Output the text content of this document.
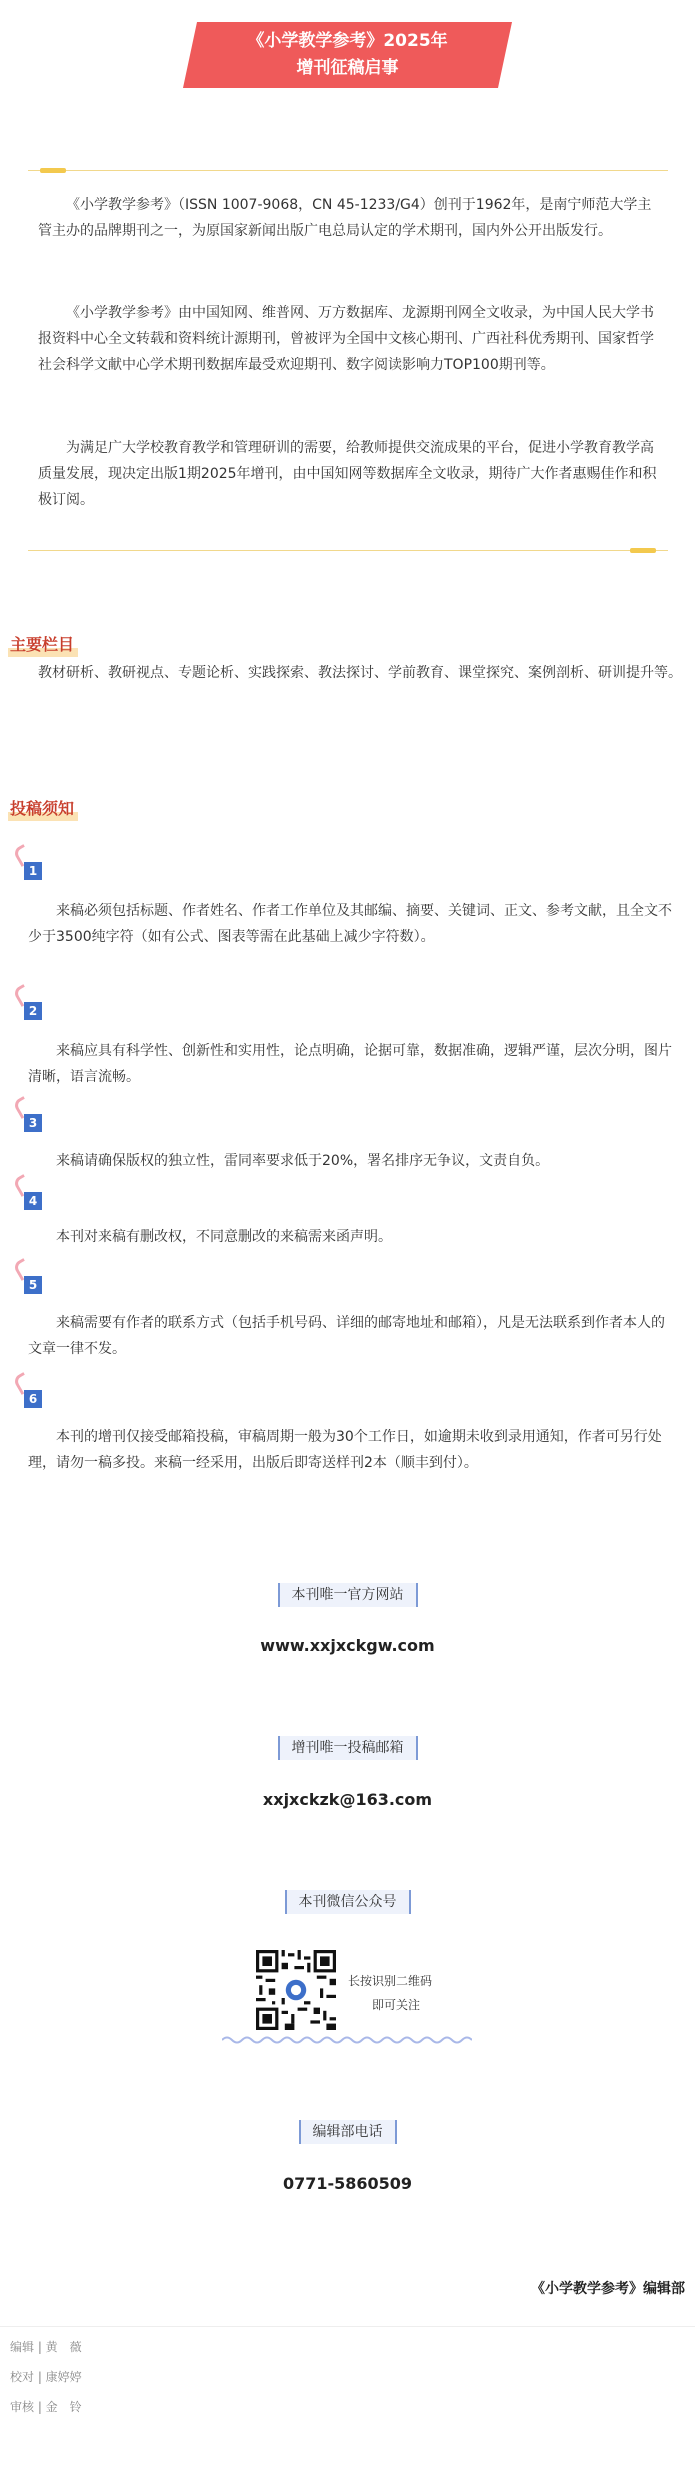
《小学教学参考》2025年
增刊征稿启事

《小学教学参考》（ISSN 1007-9068，CN 45-1233/G4）创刊于1962年，是南宁师范大学主管主办的品牌期刊之一，为原国家新闻出版广电总局认定的学术期刊，国内外公开出版发行。

《小学教学参考》由中国知网、维普网、万方数据库、龙源期刊网全文收录，为中国人民大学书报资料中心全文转载和资料统计源期刊，曾被评为全国中文核心期刊、广西社科优秀期刊、国家哲学社会科学文献中心学术期刊数据库最受欢迎期刊、数字阅读影响力TOP100期刊等。

为满足广大学校教育教学和管理研训的需要，给教师提供交流成果的平台，促进小学教育教学高质量发展，现决定出版1期2025年增刊，由中国知网等数据库全文收录，期待广大作者惠赐佳作和积极订阅。

主要栏目

教材研析、教研视点、专题论析、实践探索、教法探讨、学前教育、课堂探究、案例剖析、研训提升等。

投稿须知
1

来稿必须包括标题、作者姓名、作者工作单位及其邮编、摘要、关键词、正文、参考文献，且全文不少于3500纯字符（如有公式、图表等需在此基础上减少字符数）。

2

来稿应具有科学性、创新性和实用性，论点明确，论据可靠，数据准确，逻辑严谨，层次分明，图片清晰，语言流畅。

3

来稿请确保版权的独立性，雷同率要求低于20%，署名排序无争议，文责自负。

4

本刊对来稿有删改权，不同意删改的来稿需来函声明。

5

来稿需要有作者的联系方式（包括手机号码、详细的邮寄地址和邮箱），凡是无法联系到作者本人的文章一律不发。

6

本刊的增刊仅接受邮箱投稿，审稿周期一般为30个工作日，如逾期未收到录用通知，作者可另行处理，请勿一稿多投。来稿一经采用，出版后即寄送样刊2本（顺丰到付）。

本刊唯一官方网站
www.xxjxckgw.com
增刊唯一投稿邮箱
xxjxckzk@163.com
本刊微信公众号
长按识别二维码
即可关注
编辑部电话
0771-5860509
《小学教学参考》编辑部
编辑 | 黄　薇
校对 | 康婷婷
审核 | 金　铃
